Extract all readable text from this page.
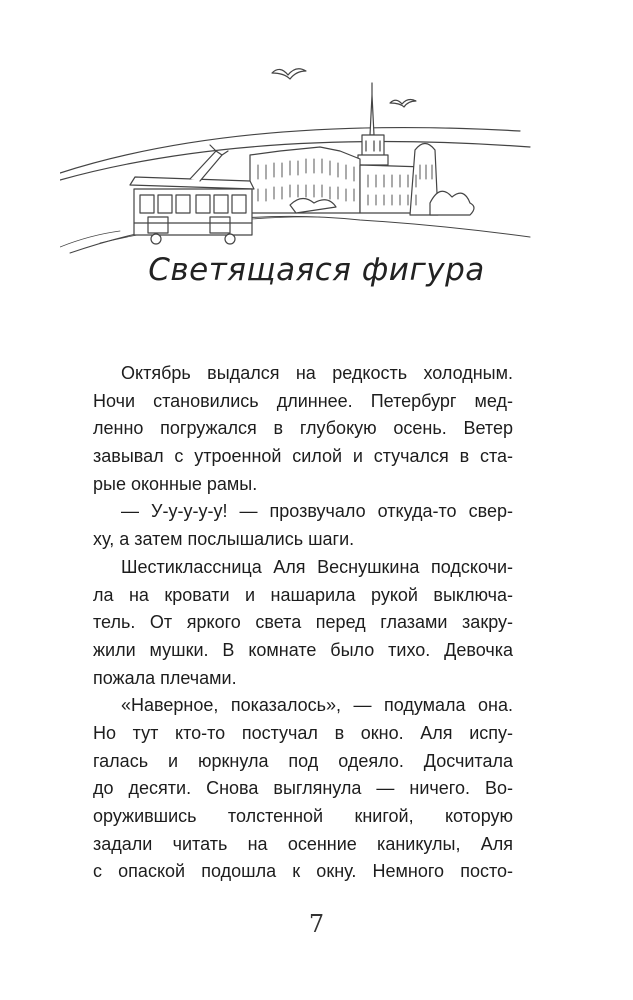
Светящаяся фигура
Октябрь выдался на редкость холодным.
Ночи становились длиннее. Петербург мед-
ленно погружался в глубокую осень. Ветер
завывал с утроенной силой и стучался в ста-
рые оконные рамы.
— У-у-у-у-у! — прозвучало откуда-то свер-
ху, а затем послышались шаги.
Шестиклассница Аля Веснушкина подскочи-
ла на кровати и нашарила рукой выключа-
тель. От яркого света перед глазами закру-
жили мушки. В комнате было тихо. Девочка
пожала плечами.
«Наверное, показалось», — подумала она.
Но тут кто-то постучал в окно. Аля испу-
галась и юркнула под одеяло. Досчитала
до десяти. Снова выглянула — ничего. Во-
оружившись толстенной книгой, которую
задали читать на осенние каникулы, Аля
с опаской подошла к окну. Немного посто-
7
